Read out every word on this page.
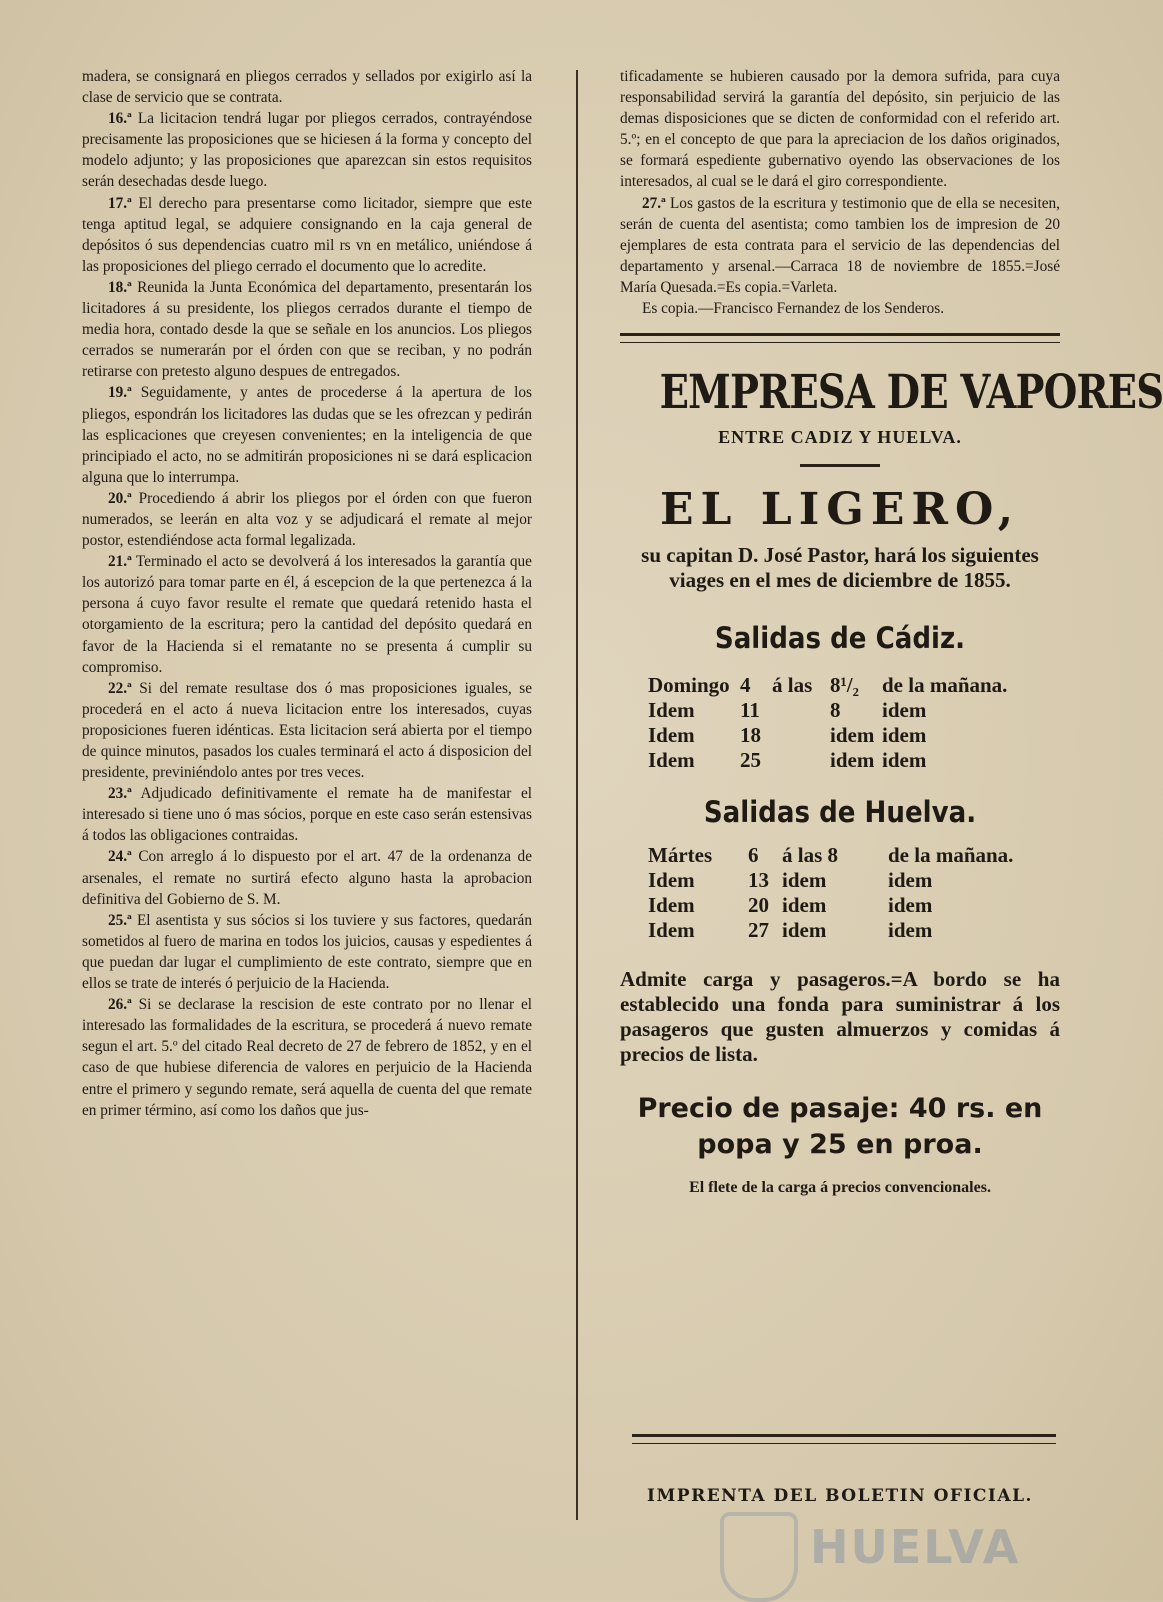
madera, se consignará en pliegos cerrados y sellados por exigirlo así la clase de servicio que se contrata.

16.ª La licitacion tendrá lugar por pliegos cerrados, contrayéndose precisamente las proposiciones que se hiciesen á la forma y concepto del modelo adjunto; y las proposiciones que aparezcan sin estos requisitos serán desechadas desde luego.

17.ª El derecho para presentarse como licitador, siempre que este tenga aptitud legal, se adquiere consignando en la caja general de depósitos ó sus dependencias cuatro mil rs vn en metálico, uniéndose á las proposiciones del pliego cerrado el documento que lo acredite.

18.ª Reunida la Junta Económica del departamento, presentarán los licitadores á su presidente, los pliegos cerrados durante el tiempo de media hora, contado desde la que se señale en los anuncios. Los pliegos cerrados se numerarán por el órden con que se reciban, y no podrán retirarse con pretesto alguno despues de entregados.

19.ª Seguidamente, y antes de procederse á la apertura de los pliegos, espondrán los licitadores las dudas que se les ofrezcan y pedirán las esplicaciones que creyesen convenientes; en la inteligencia de que principiado el acto, no se admitirán proposiciones ni se dará esplicacion alguna que lo interrumpa.

20.ª Procediendo á abrir los pliegos por el órden con que fueron numerados, se leerán en alta voz y se adjudicará el remate al mejor postor, estendiéndose acta formal legalizada.

21.ª Terminado el acto se devolverá á los interesados la garantía que los autorizó para tomar parte en él, á escepcion de la que pertenezca á la persona á cuyo favor resulte el remate que quedará retenido hasta el otorgamiento de la escritura; pero la cantidad del depósito quedará en favor de la Hacienda si el rematante no se presenta á cumplir su compromiso.

22.ª Si del remate resultase dos ó mas proposiciones iguales, se procederá en el acto á nueva licitacion entre los interesados, cuyas proposiciones fueren idénticas. Esta licitacion será abierta por el tiempo de quince minutos, pasados los cuales terminará el acto á disposicion del presidente, previniéndolo antes por tres veces.

23.ª Adjudicado definitivamente el remate ha de manifestar el interesado si tiene uno ó mas sócios, porque en este caso serán estensivas á todos las obligaciones contraidas.

24.ª Con arreglo á lo dispuesto por el art. 47 de la ordenanza de arsenales, el remate no surtirá efecto alguno hasta la aprobacion definitiva del Gobierno de S. M.

25.ª El asentista y sus sócios si los tuviere y sus factores, quedarán sometidos al fuero de marina en todos los juicios, causas y espedientes á que puedan dar lugar el cumplimiento de este contrato, siempre que en ellos se trate de interés ó perjuicio de la Hacienda.

26.ª Si se declarase la rescision de este contrato por no llenar el interesado las formalidades de la escritura, se procederá á nuevo remate segun el art. 5.º del citado Real decreto de 27 de febrero de 1852, y en el caso de que hubiese diferencia de valores en perjuicio de la Hacienda entre el primero y segundo remate, será aquella de cuenta del que remate en primer término, así como los daños que jus-

tificadamente se hubieren causado por la demora sufrida, para cuya responsabilidad servirá la garantía del depósito, sin perjuicio de las demas disposiciones que se dicten de conformidad con el referido art. 5.º; en el concepto de que para la apreciacion de los daños originados, se formará espediente gubernativo oyendo las observaciones de los interesados, al cual se le dará el giro correspondiente.

27.ª Los gastos de la escritura y testimonio que de ella se necesiten, serán de cuenta del asentista; como tambien los de impresion de 20 ejemplares de esta contrata para el servicio de las dependencias del departamento y arsenal.—Carraca 18 de noviembre de 1855.=José María Quesada.=Es copia.=Varleta.

Es copia.—Francisco Fernandez de los Senderos.

EMPRESA DE VAPORES
ENTRE CADIZ Y HUELVA.
EL LIGERO,
su capitan D. José Pastor, hará los siguientes viages en el mes de diciembre de 1855.
Salidas de Cádiz.
Domingo	4	á las	8¹/₂	de la mañana.
Idem	11		8	idem
Idem	18		idem	idem
Idem	25		idem	idem
Salidas de Huelva.
Mártes	6	á las 8	de la mañana.
Idem	13	idem	idem
Idem	20	idem	idem
Idem	27	idem	idem
Admite carga y pasageros.=A bordo se ha establecido una fonda para suministrar á los pasageros que gusten almuerzos y comidas á precios de lista.
Precio de pasaje: 40 rs. en popa y 25 en proa.
El flete de la carga á precios convencionales.
IMPRENTA DEL BOLETIN OFICIAL.
HUELVA
